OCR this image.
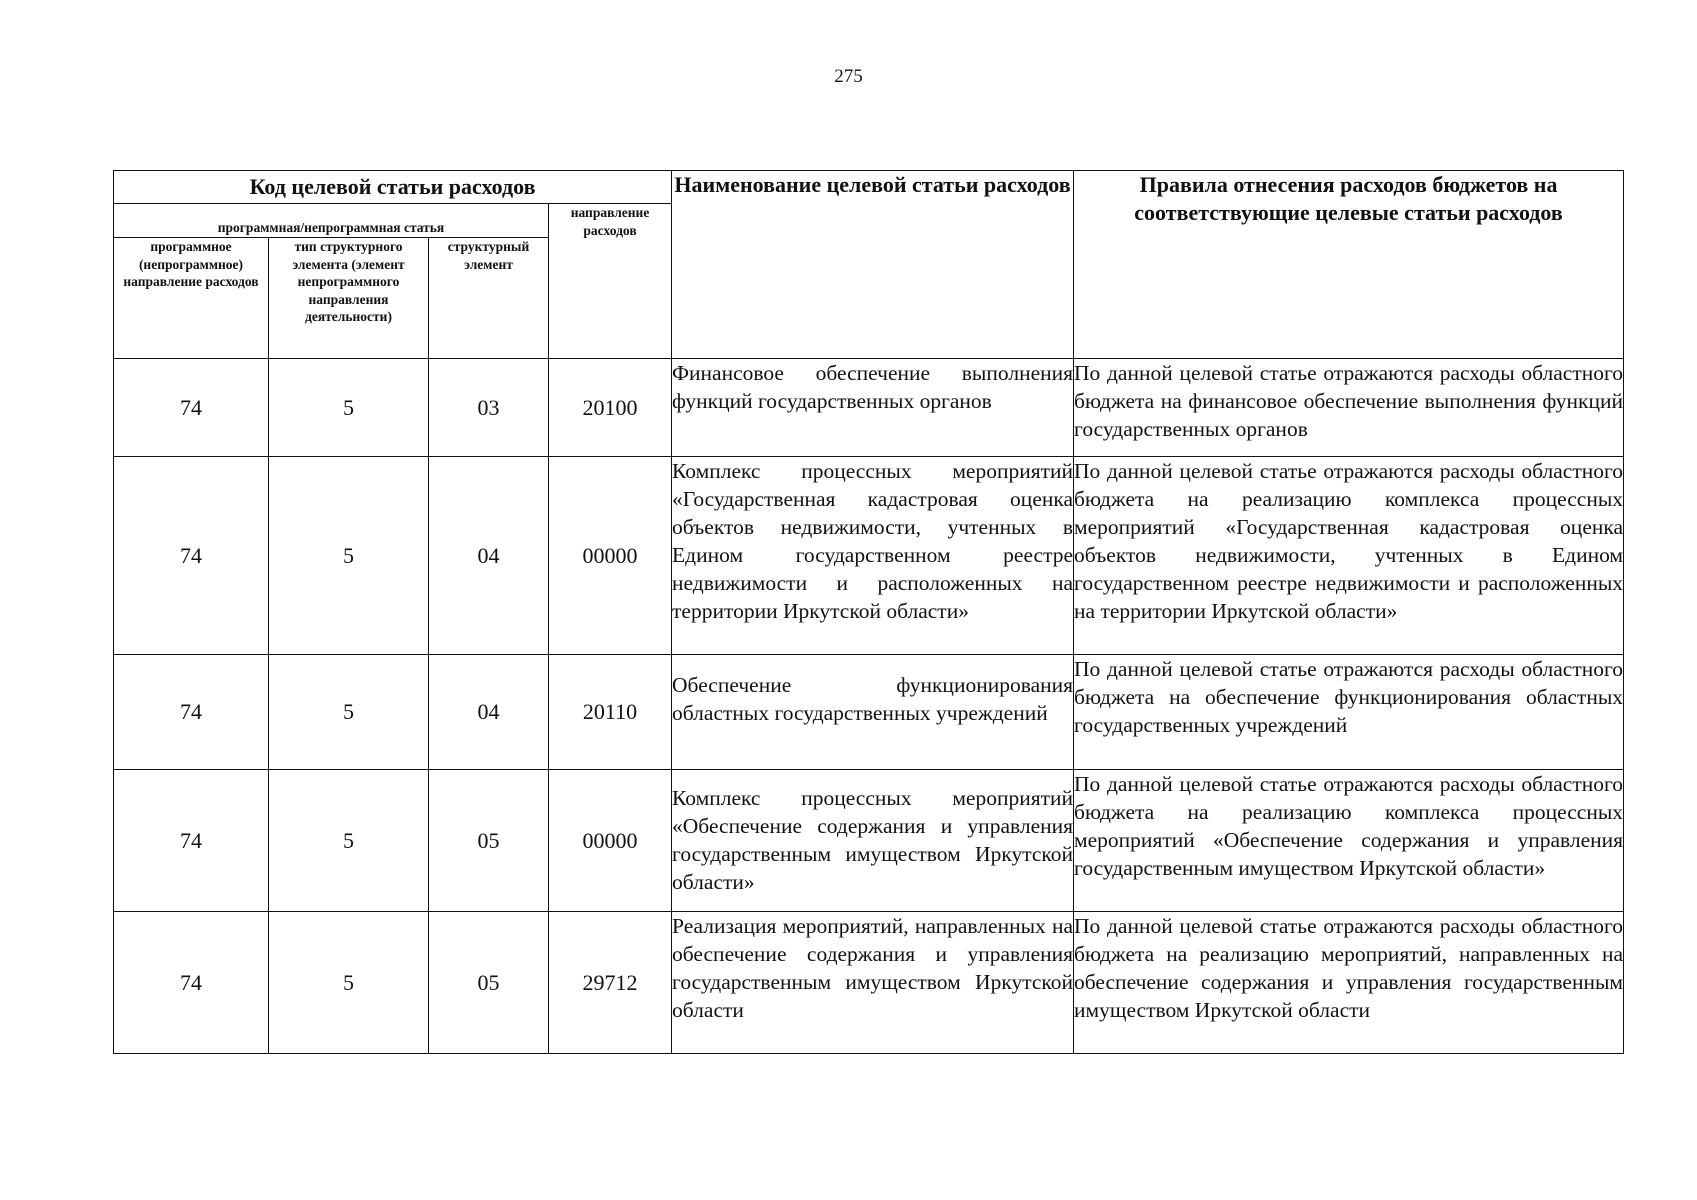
275
Код целевой статьи расходов				Наименование целевой статьи расходов	Правила отнесения расходов бюджетов на соответствующие целевые статьи расходов
программная/непрограммная статья			направление расходов		
программное (непрограммное) направление расходов	тип структурного элемента (элемент непрограммного направления деятельности)	структурный элемент			
74	5	03	20100	Финансовое обеспечение выполнения функций государственных органов	По данной целевой статье отражаются расходы областного бюджета на финансовое обеспечение выполнения функций государственных органов
74	5	04	00000	Комплекс процессных мероприятий «Государственная кадастровая оценка объектов недвижимости, учтенных в Едином государственном реестре недвижимости и расположенных на территории Иркутской области»	По данной целевой статье отражаются расходы областного бюджета на реализацию комплекса процессных мероприятий «Государственная кадастровая оценка объектов недвижимости, учтенных в Едином государственном реестре недвижимости и расположенных на территории Иркутской области»
74	5	04	20110	Обеспечение функционирования областных государственных учреждений	По данной целевой статье отражаются расходы областного бюджета на обеспечение функционирования областных государственных учреждений
74	5	05	00000	Комплекс процессных мероприятий «Обеспечение содержания и управления государственным имуществом Иркутской области»	По данной целевой статье отражаются расходы областного бюджета на реализацию комплекса процессных мероприятий «Обеспечение содержания и управления государственным имуществом Иркутской области»
74	5	05	29712	Реализация мероприятий, направленных на обеспечение содержания и управления государственным имуществом Иркутской области	По данной целевой статье отражаются расходы областного бюджета на реализацию мероприятий, направленных на обеспечение содержания и управления государственным имуществом Иркутской области
